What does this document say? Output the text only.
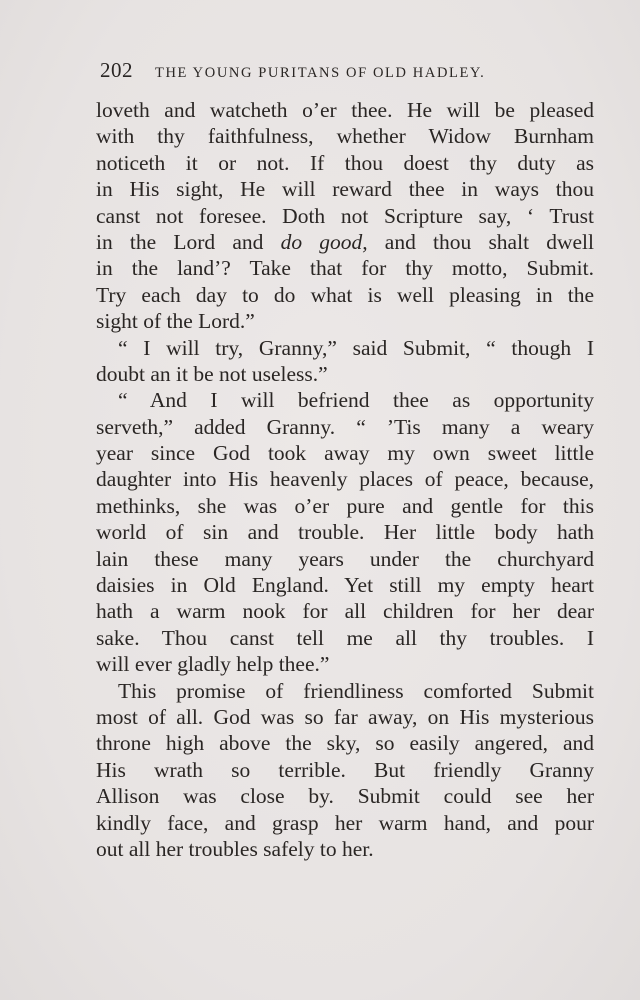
202 THE YOUNG PURITANS OF OLD HADLEY.
loveth and watcheth o’er thee. He will be pleased
with thy faithfulness, whether Widow Burnham
noticeth it or not. If thou doest thy duty as
in His sight, He will reward thee in ways thou
canst not foresee. Doth not Scripture say, ‘ Trust
in the Lord and do good, and thou shalt dwell
in the land’? Take that for thy motto, Submit.
Try each day to do what is well pleasing in the
sight of the Lord.”
“ I will try, Granny,” said Submit, “ though I
doubt an it be not useless.”
“ And I will befriend thee as opportunity
serveth,” added Granny. “ ’Tis many a weary
year since God took away my own sweet little
daughter into His heavenly places of peace, because,
methinks, she was o’er pure and gentle for this
world of sin and trouble. Her little body hath
lain these many years under the churchyard
daisies in Old England. Yet still my empty heart
hath a warm nook for all children for her dear
sake. Thou canst tell me all thy troubles. I
will ever gladly help thee.”
This promise of friendliness comforted Submit
most of all. God was so far away, on His mysterious
throne high above the sky, so easily angered, and
His wrath so terrible. But friendly Granny
Allison was close by. Submit could see her
kindly face, and grasp her warm hand, and pour
out all her troubles safely to her.
